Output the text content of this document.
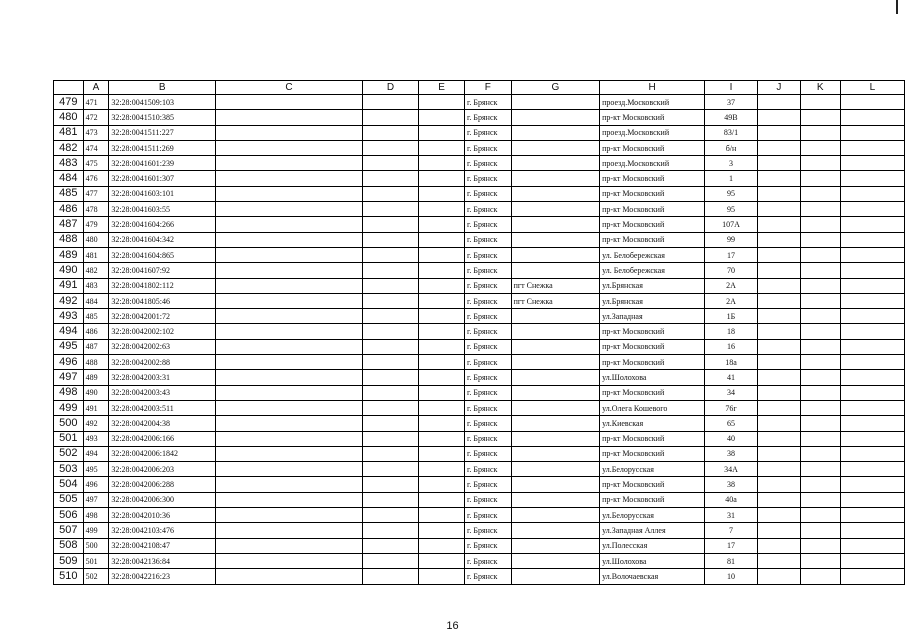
	A	B	C	D	E	F	G	H	I	J	K	L
479	471	32:28:0041509:103				г. Брянск		проезд.Московский	37			
480	472	32:28:0041510:385				г. Брянск		пр-кт Московский	49В			
481	473	32:28:0041511:227				г. Брянск		проезд.Московский	83/1			
482	474	32:28:0041511:269				г. Брянск		пр-кт Московский	б/н			
483	475	32:28:0041601:239				г. Брянск		проезд.Московский	3			
484	476	32:28:0041601:307				г. Брянск		пр-кт Московский	1			
485	477	32:28:0041603:101				г. Брянск		пр-кт Московский	95			
486	478	32:28:0041603:55				г. Брянск		пр-кт Московский	95			
487	479	32:28:0041604:266				г. Брянск		пр-кт Московский	107А			
488	480	32:28:0041604:342				г. Брянск		пр-кт Московский	99			
489	481	32:28:0041604:865				г. Брянск		ул. Белобережская	17			
490	482	32:28:0041607:92				г. Брянск		ул. Белобережская	70			
491	483	32:28:0041802:112				г. Брянск	пгт Снежка	ул.Брянская	2А			
492	484	32:28:0041805:46				г. Брянск	пгт Снежка	ул.Брянская	2А			
493	485	32:28:0042001:72				г. Брянск		ул.Западная	1Б			
494	486	32:28:0042002:102				г. Брянск		пр-кт Московский	18			
495	487	32:28:0042002:63				г. Брянск		пр-кт Московский	16			
496	488	32:28:0042002:88				г. Брянск		пр-кт Московский	18а			
497	489	32:28:0042003:31				г. Брянск		ул.Шолохова	41			
498	490	32:28:0042003:43				г. Брянск		пр-кт Московский	34			
499	491	32:28:0042003:511				г. Брянск		ул.Олега Кошевого	76г			
500	492	32:28:0042004:38				г. Брянск		ул.Киевская	65			
501	493	32:28:0042006:166				г. Брянск		пр-кт Московский	40			
502	494	32:28:0042006:1842				г. Брянск		пр-кт Московский	38			
503	495	32:28:0042006:203				г. Брянск		ул.Белорусская	34А			
504	496	32:28:0042006:288				г. Брянск		пр-кт Московский	38			
505	497	32:28:0042006:300				г. Брянск		пр-кт Московский	40а			
506	498	32:28:0042010:36				г. Брянск		ул.Белорусская	31			
507	499	32:28:0042103:476				г. Брянск		ул.Западная Аллея	7			
508	500	32:28:0042108:47				г. Брянск		ул.Полесская	17			
509	501	32:28:0042136:84				г. Брянск		ул.Шолохова	81			
510	502	32:28:0042216:23				г. Брянск		ул.Волочаевская	10			
16
